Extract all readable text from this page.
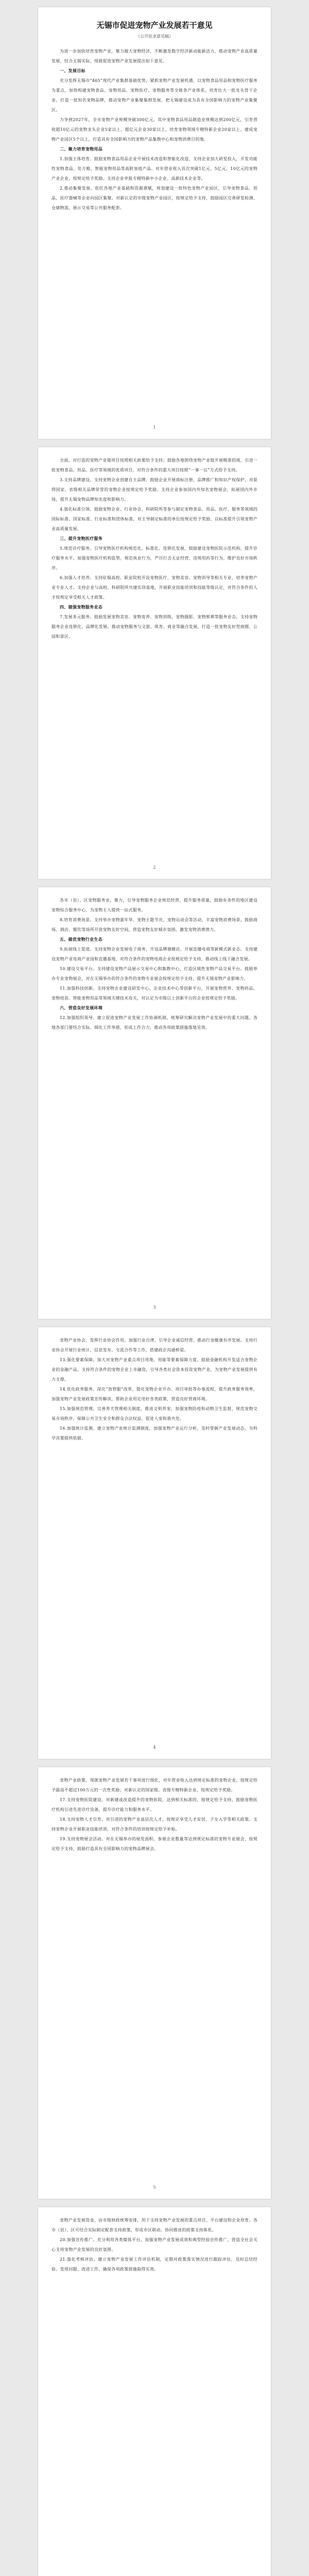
无锡市促进宠物产业发展若干意见
（公开征求意见稿）

为进一步加快培育宠物产业，聚力做大宠物经济，不断激发数字经济新动能新活力，推动宠物产业高质量发展，结合无锡实际，现就促进宠物产业发展提出如下意见。

一、发展目标

充分发挥无锡市“465”现代产业集群基础优势，紧抓宠物产业发展机遇，以宠物食品用品和宠物医疗服务为重点，加快构建宠物食品、宠物用品、宠物医疗、宠物服务等全链条产业体系，培育壮大一批龙头骨干企业，打造一批知名宠物品牌，推动宠物产业集聚集群发展，把无锡建设成为具有全国影响力的宠物产业集聚区。

力争到2027年，全市宠物产业规模突破300亿元，其中宠物食品用品制造业规模达到200亿元，引育营收超10亿元的宠物龙头企业5家以上、超亿元企业30家以上，培育宠物领域专精特新企业20家以上，建成宠物产业园区5个以上，打造具有全国影响力的宠物产品集散中心和宠物消费目的地。

二、聚力培育宠物用品

1.加强主体培育。鼓励宠物食品用品企业开展技术改造和智能化改造，支持企业加大研发投入，开发功能性宠物食品、处方粮、智能宠物用品等高附加值产品。对年营业收入首次突破1亿元、5亿元、10亿元的宠物产业企业，按规定给予奖励。支持企业申报专精特新中小企业、高新技术企业等。

2.推动集聚发展。依托各地产业基础和资源禀赋，规划建设一批特色宠物产业园区，引导宠物食品、用品、医疗器械等企业向园区集聚。对新认定的市级宠物产业园区，按规定给予支持，鼓励园区完善研发检测、仓储物流、展示交易等公共服务配套。

1

全面，对打造的宠物产业链项目按照相关政策给予支持；鼓励各地围绕宠物产业链开展精准招商，引进一批宠物食品、用品、医疗等领域的优质项目，对符合条件的重大项目按照“一事一议”方式给予支持。

3.支持品牌建设。支持宠物企业创建自主品牌，鼓励企业开展商标注册、品牌推广和知识产权保护，对获得国家、省级相关品牌荣誉的宠物企业按规定给予奖励。支持企业参加国内外知名宠物展会，拓展国内外市场，提升无锡宠物品牌知名度和影响力。

4.强化标准引领。鼓励宠物企业、行业协会、科研院所等参与制定宠物食品、用品、医疗、服务等领域的国际标准、国家标准、行业标准和团体标准，对主导制定标准的单位按规定给予奖励，以标准提升引领宠物产业高质量发展。

三、提升宠物医疗服务

5.规范诊疗服务。引导宠物医疗机构规范化、标准化、连锁化发展，鼓励建设宠物医院示范机构，提升诊疗服务水平。加强宠物医疗机构监管，规范执业行为，严厉打击无证经营、违规用药等行为，维护良好市场秩序。

6.加强人才培养。支持驻锡高校、职业院校开设宠物医疗、宠物美容、宠物训导等相关专业，培养宠物产业专业人才。支持企业与高校、科研院所共建实训基地，开展职业技能培训和技能等级认定，对符合条件的人才按规定享受相关人才政策。

四、做强宠物服务业态

7.发展多元服务。鼓励发展宠物美容、宠物寄养、宠物训练、宠物摄影、宠物殡葬等服务业态，支持宠物服务企业连锁化、品牌化发展。推动宠物服务与文旅、体育、商业等融合发展，打造一批宠物友好型商圈、公园和景区。

2

各市（县）、区宠物服务业，聚力，引导宠物服务企业规范经营，提升服务质量，鼓励有条件的地区建设宠物综合服务中心，为宠物主人提供一站式服务。

8.培育消费场景。支持举办宠物嘉年华、宠物主题节庆、宠物运动会等活动，丰富宠物消费场景。鼓励商场、酒店、餐饮等场所开放宠物友好空间，营造宠物友好城市氛围，激发宠物消费潜力。

五、做优宠物行业生态

9.拓展线上渠道。支持宠物企业发展电子商务，开设品牌旗舰店，开展直播电商等新模式新业态。支持建设宠物产业电商产业园和直播基地，对符合条件的宠物电商企业按规定给予支持，推动线上线下融合发展。

10.建设交易平台。支持建设宠物产品展示交易中心和集散中心，打造区域性宠物产品交易平台。鼓励举办专业宠物展会，对在无锡举办的符合条件的宠物专业展会按规定给予支持，提升无锡宠物产业影响力。

11.加强科技创新。支持宠物企业建设研发中心、企业技术中心等创新平台，开展宠物营养、宠物药品、宠物疫苗、智能宠物用品等领域关键技术攻关，对认定为市级以上创新平台的企业按规定给予奖励。

六、营造良好发展环境

12.加强组织领导。建立促进宠物产业发展工作协调机制，统筹研究解决宠物产业发展中的重大问题。各地各部门要结合实际，细化工作举措，形成工作合力，推动各项政策措施落地见效。

3

宠物产业协会，发挥行业协会作用，加强行业自律，引导企业诚信经营，推动行业健康有序发展。支持行业协会开展行业统计、信息发布、交流合作等工作，搭建政企沟通桥梁。

13.强化要素保障。加大对宠物产业重点项目用地、用能等要素保障力度。鼓励金融机构开发适合宠物企业的金融产品，支持符合条件的宠物企业上市融资，引导各类社会资本投资宠物产业，为宠物产业发展提供有力支撑。

14.优化政务服务。深化“放管服”改革，简化宠物企业开办、项目审批等办事流程，提升政务服务效率。加强宠物产业发展政策宣传解读，帮助企业用足用好各类政策，营造良好营商环境。

15.加强规范管理。完善养犬管理相关制度，推进文明养宠，加强宠物防疫和动物卫生监督，规范宠物交易市场秩序，保障公共卫生安全和群众合法权益，促进人宠和谐共处。

16.加强统计监测。建立宠物产业统计监测制度，加强宠物产业运行分析，及时掌握产业发展动态，为科学决策提供依据。

4

宠物产业政策，现就宠物产业发展若干事项进行细化，对年营业收入达到规定标准的宠物企业，按规定给予最高不超过100万元的一次性奖励；对新认定的国家级、省级专精特新企业，按规定给予奖励。

17.支持宠物医院建设。对新建或改造提升的宠物医院，达到相关标准的，按规定给予支持。鼓励宠物医疗机构引进先进诊疗设备，提升诊疗能力和服务水平。

18.支持宠物人才引育。对引进的宠物产业高层次人才，按规定享受人才安居、子女入学等相关政策。支持宠物企业开展职业技能培训，对符合条件的培训按规定给予补贴。

19.支持宠物展会活动。对在无锡举办的展览面积、参展企业数量等达到规定标准的宠物专业展会，按规定给予支持，鼓励打造具有全国影响力的宠物品牌展会。

5

宠物产业发展资金，由市级财政统筹安排，用于支持宠物产业发展的重点项目、平台建设和企业培育。各市（县）、区可结合实际制定配套支持政策，形成市区联动、协同推进的政策支持体系。

20.加强宣传推广。充分利用各类媒体平台，加强宠物产业发展成效和典型经验宣传推广，营造全社会关心支持宠物产业发展的良好氛围。

21.强化考核评估。建立宠物产业发展工作评估机制，定期对政策落实情况进行跟踪评估，及时总结经验、发现问题、改进工作，确保各项政策措施取得实效。
